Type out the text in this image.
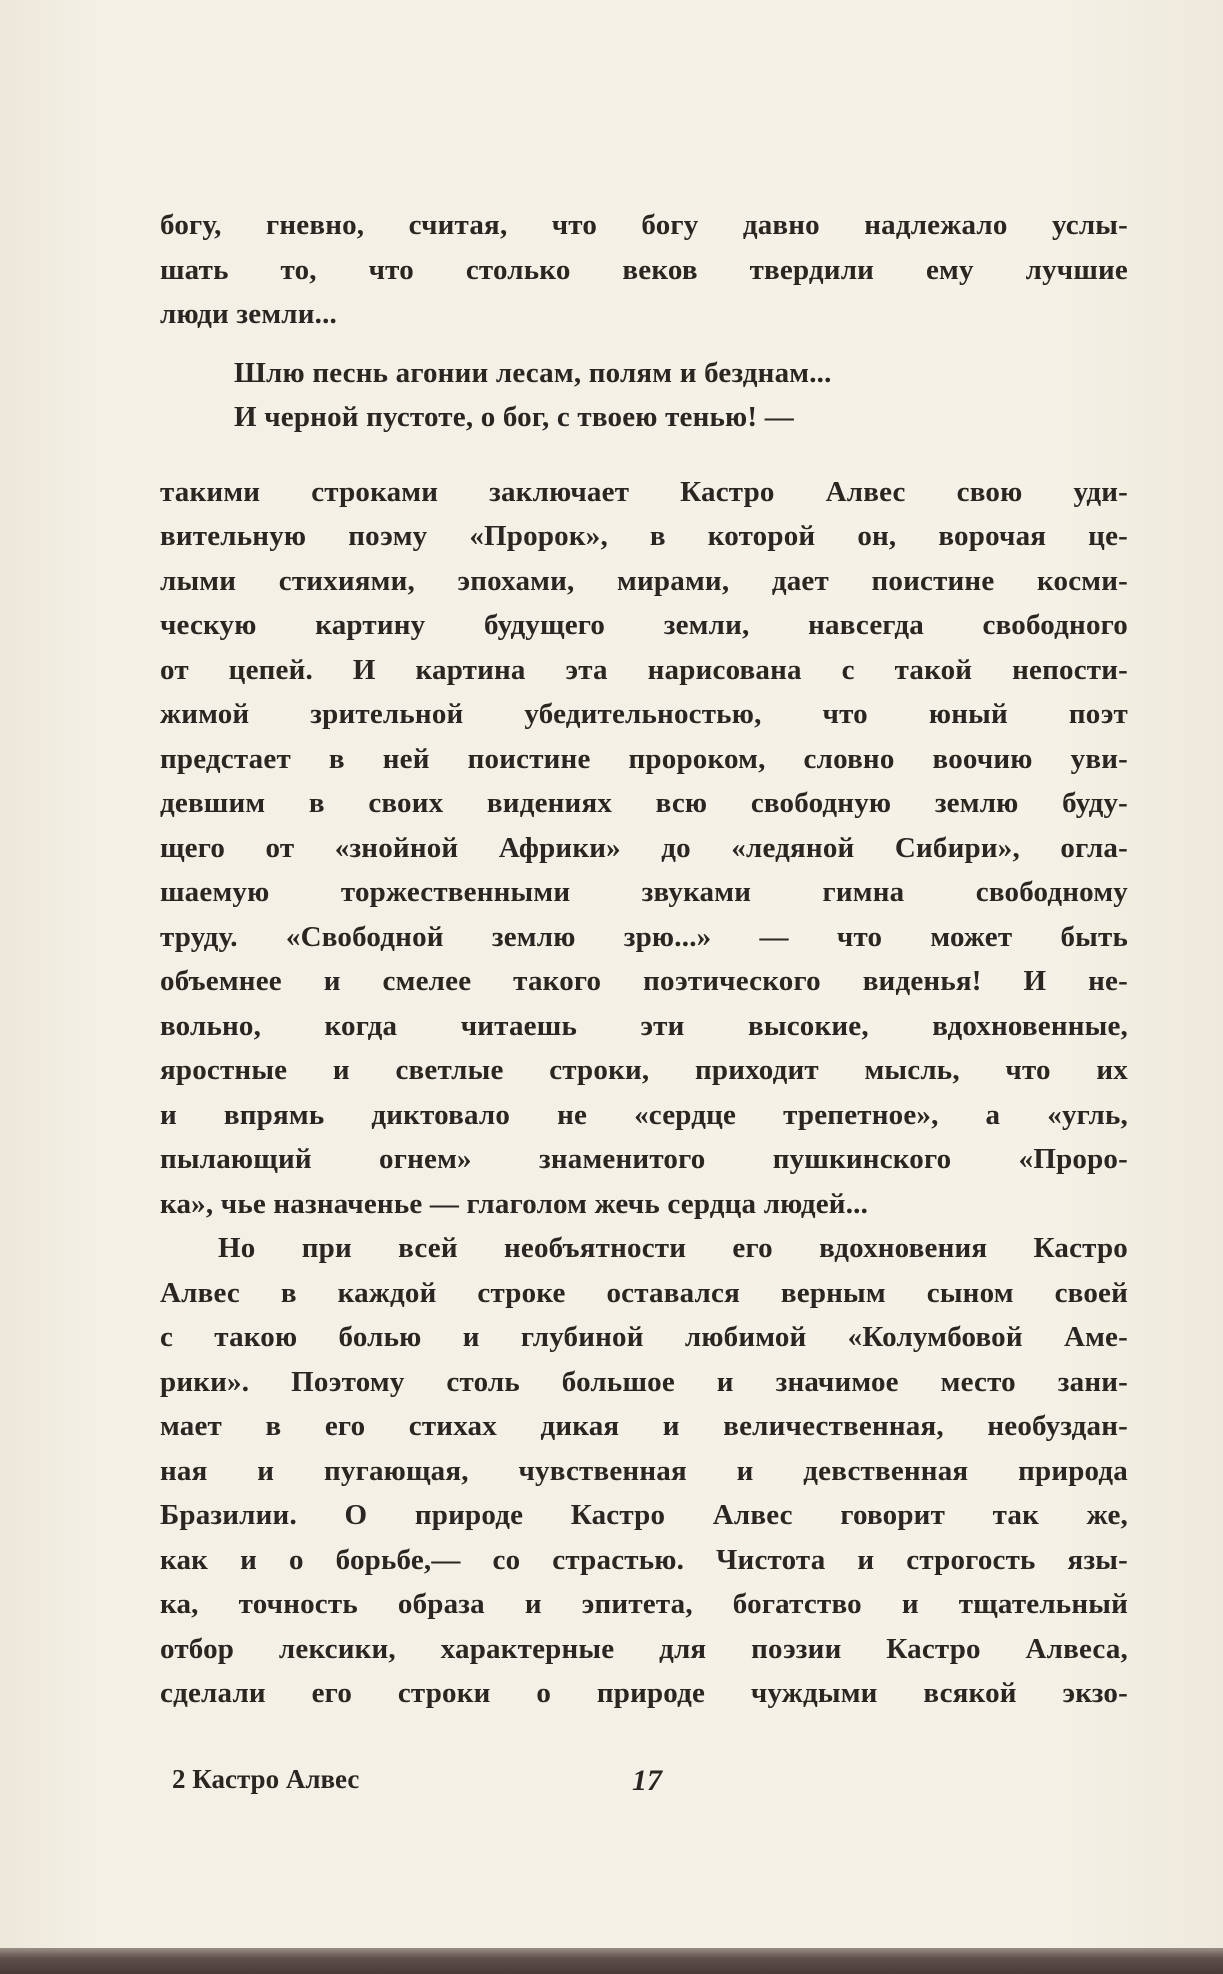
богу, гневно, считая, что богу давно надлежало услы-
шать то, что столько веков твердили ему лучшие
люди земли...
Шлю песнь агонии лесам, полям и безднам...
И черной пустоте, о бог, с твоею тенью! —
такими строками заключает Кастро Алвес свою уди-
вительную поэму «Пророк», в которой он, ворочая це-
лыми стихиями, эпохами, мирами, дает поистине косми-
ческую картину будущего земли, навсегда свободного
от цепей. И картина эта нарисована с такой непости-
жимой зрительной убедительностью, что юный поэт
предстает в ней поистине пророком, словно воочию уви-
девшим в своих видениях всю свободную землю буду-
щего от «знойной Африки» до «ледяной Сибири», огла-
шаемую торжественными звуками гимна свободному
труду. «Свободной землю зрю...» — что может быть
объемнее и смелее такого поэтического виденья! И не-
вольно, когда читаешь эти высокие, вдохновенные,
яростные и светлые строки, приходит мысль, что их
и впрямь диктовало не «сердце трепетное», а «угль,
пылающий огнем» знаменитого пушкинского «Проро-
ка», чье назначенье — глаголом жечь сердца людей...
Но при всей необъятности его вдохновения Кастро
Алвес в каждой строке оставался верным сыном своей
с такою болью и глубиной любимой «Колумбовой Аме-
рики». Поэтому столь большое и значимое место зани-
мает в его стихах дикая и величественная, необуздан-
ная и пугающая, чувственная и девственная природа
Бразилии. О природе Кастро Алвес говорит так же,
как и о борьбе,— со страстью. Чистота и строгость язы-
ка, точность образа и эпитета, богатство и тщательный
отбор лексики, характерные для поэзии Кастро Алвеса,
сделали его строки о природе чуждыми всякой экзо-
2 Кастро Алвес	17
